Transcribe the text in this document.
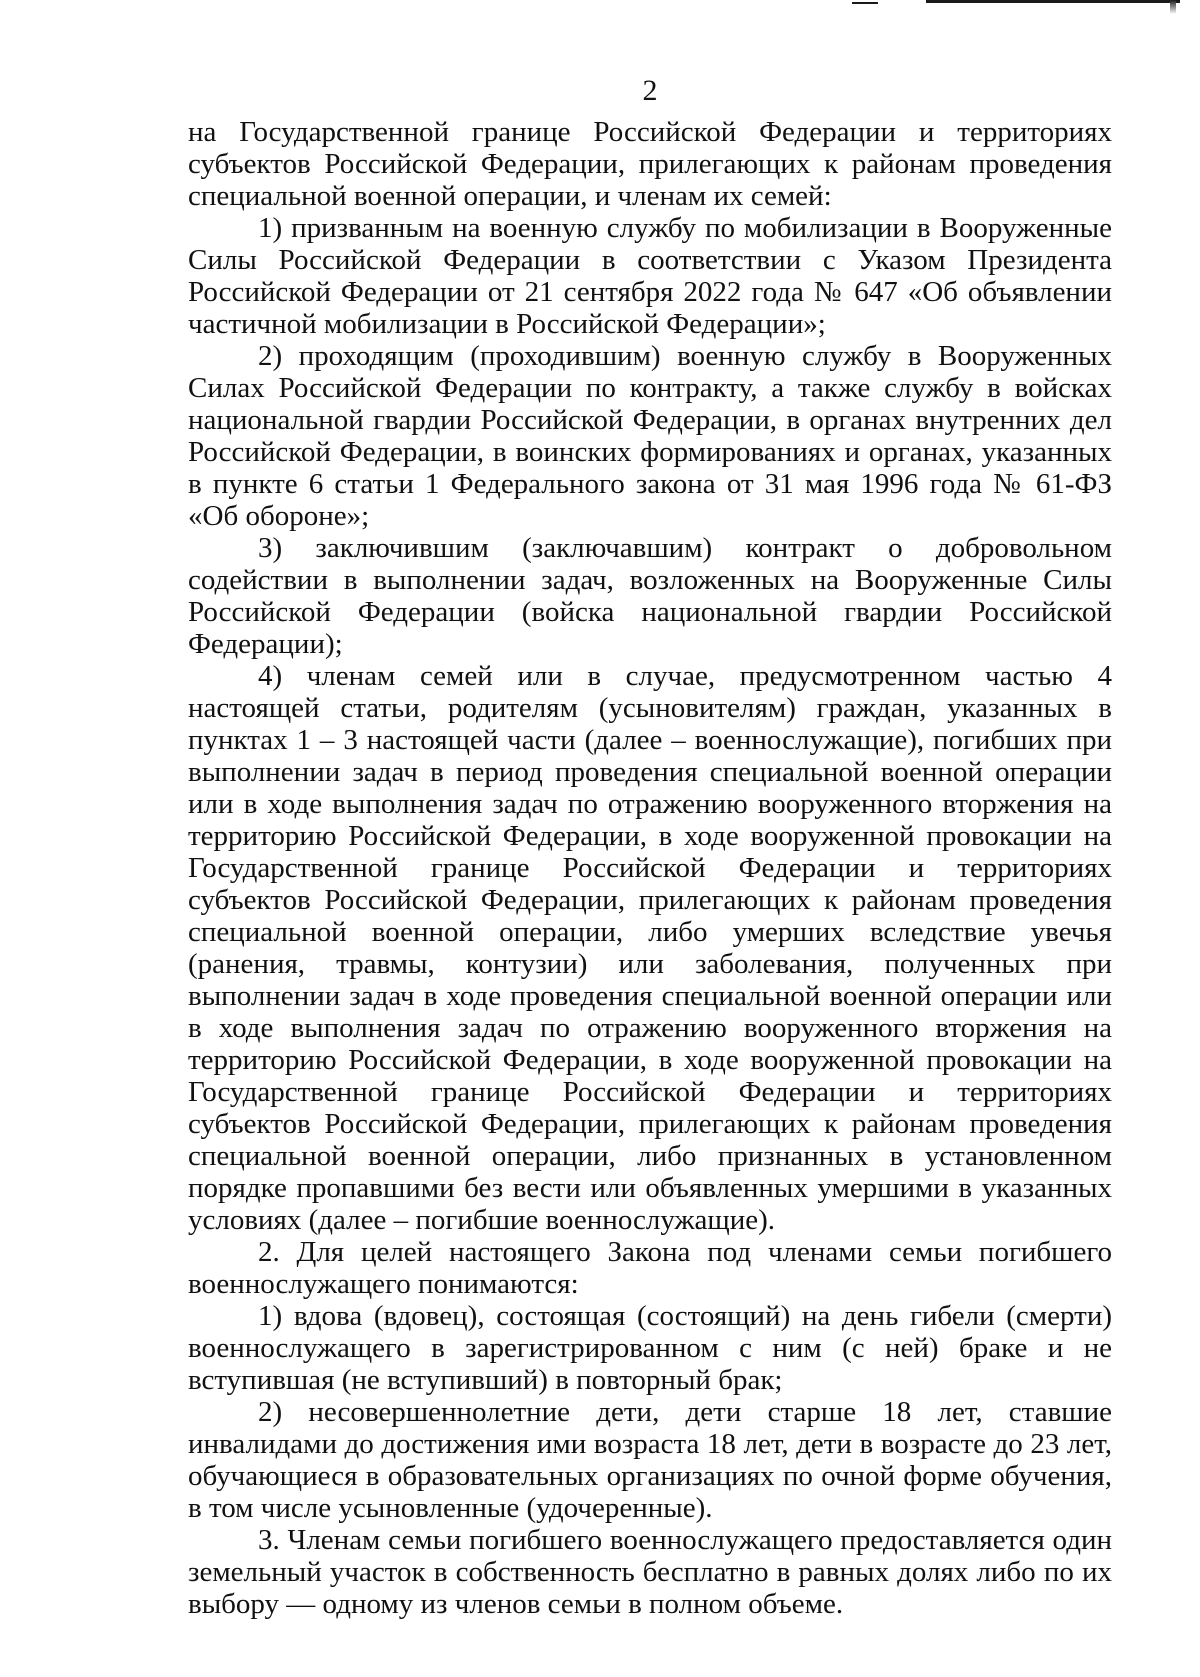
2

на Государственной границе Российской Федерации и территориях субъектов Российской Федерации, прилегающих к районам проведения специальной военной операции, и членам их семей:

1) призванным на военную службу по мобилизации в Вооруженные Силы Российской Федерации в соответствии с Указом Президента Российской Федерации от 21 сентября 2022 года № 647 «Об объявлении частичной мобилизации в Российской Федерации»;

2) проходящим (проходившим) военную службу в Вооруженных Силах Российской Федерации по контракту, а также службу в войсках национальной гвардии Российской Федерации, в органах внутренних дел Российской Федерации, в воинских формированиях и органах, указанных в пункте 6 статьи 1 Федерального закона от 31 мая 1996 года № 61-ФЗ «Об обороне»;

3) заключившим (заключавшим) контракт о добровольном содействии в выполнении задач, возложенных на Вооруженные Силы Российской Федерации (войска национальной гвардии Российской Федерации);

4) членам семей или в случае, предусмотренном частью 4 настоящей статьи, родителям (усыновителям) граждан, указанных в пунктах 1 – 3 настоящей части (далее – военнослужащие), погибших при выполнении задач в период проведения специальной военной операции или в ходе выполнения задач по отражению вооруженного вторжения на территорию Российской Федерации, в ходе вооруженной провокации на Государственной границе Российской Федерации и территориях субъектов Российской Федерации, прилегающих к районам проведения специальной военной операции, либо умерших вследствие увечья (ранения, травмы, контузии) или заболевания, полученных при выполнении задач в ходе проведения специальной военной операции или в ходе выполнения задач по отражению вооруженного вторжения на территорию Российской Федерации, в ходе вооруженной провокации на Государственной границе Российской Федерации и территориях субъектов Российской Федерации, прилегающих к районам проведения специальной военной операции, либо признанных в установленном порядке пропавшими без вести или объявленных умершими в указанных условиях (далее – погибшие военнослужащие).

2. Для целей настоящего Закона под членами семьи погибшего военнослужащего понимаются:

1) вдова (вдовец), состоящая (состоящий) на день гибели (смерти) военнослужащего в зарегистрированном с ним (с ней) браке и не вступившая (не вступивший) в повторный брак;

2) несовершеннолетние дети, дети старше 18 лет, ставшие инвалидами до достижения ими возраста 18 лет, дети в возрасте до 23 лет, обучающиеся в образовательных организациях по очной форме обучения, в том числе усыновленные (удочеренные).

3. Членам семьи погибшего военнослужащего предоставляется один земельный участок в собственность бесплатно в равных долях либо по их выбору — одному из членов семьи в полном объеме.
